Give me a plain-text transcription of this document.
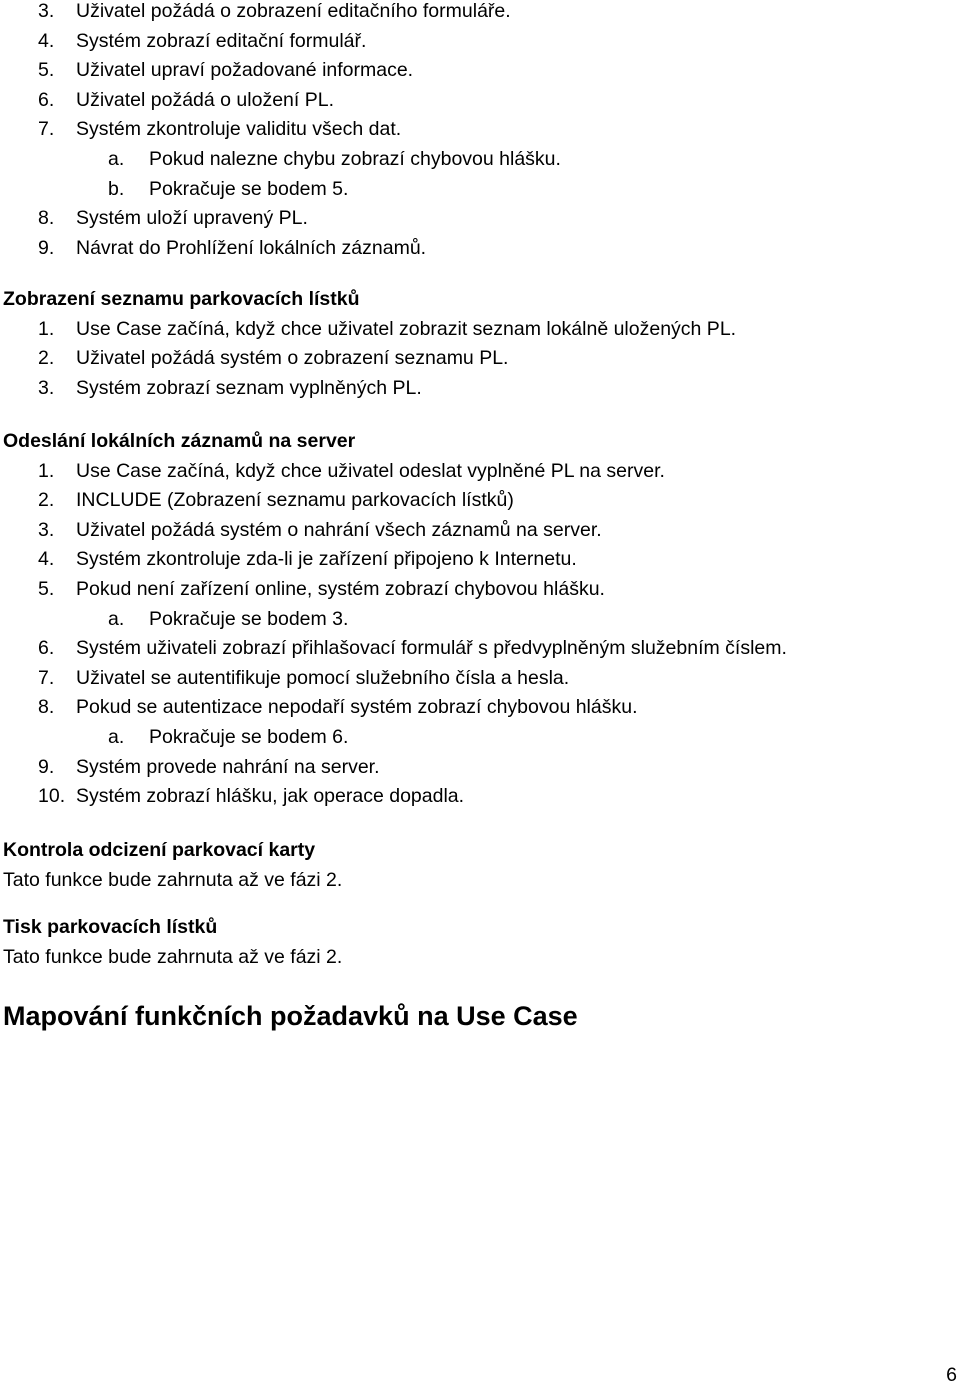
3. Uživatel požádá o zobrazení editačního formuláře.
4. Systém zobrazí editační formulář.
5. Uživatel upraví požadované informace.
6. Uživatel požádá o uložení PL.
7. Systém zkontroluje validitu všech dat.
a. Pokud nalezne chybu zobrazí chybovou hlášku.
b. Pokračuje se bodem 5.
8. Systém uloží upravený PL.
9. Návrat do Prohlížení lokálních záznamů.
Zobrazení seznamu parkovacích lístků
1. Use Case začíná, když chce uživatel zobrazit seznam lokálně uložených PL.
2. Uživatel požádá systém o zobrazení seznamu PL.
3. Systém zobrazí seznam vyplněných PL.
Odeslání lokálních záznamů na server
1. Use Case začíná, když chce uživatel odeslat vyplněné PL na server.
2. INCLUDE (Zobrazení seznamu parkovacích lístků)
3. Uživatel požádá systém o nahrání všech záznamů na server.
4. Systém zkontroluje zda-li je zařízení připojeno k Internetu.
5. Pokud není zařízení online, systém zobrazí chybovou hlášku.
a. Pokračuje se bodem 3.
6. Systém uživateli zobrazí přihlašovací formulář s předvyplněným služebním číslem.
7. Uživatel se autentifikuje pomocí služebního čísla a hesla.
8. Pokud se autentizace nepodaří systém zobrazí chybovou hlášku.
a. Pokračuje se bodem 6.
9. Systém provede nahrání na server.
10. Systém zobrazí hlášku, jak operace dopadla.
Kontrola odcizení parkovací karty
Tato funkce bude zahrnuta až ve fázi 2.
Tisk parkovacích lístků
Tato funkce bude zahrnuta až ve fázi 2.
Mapování funkčních požadavků na Use Case
6
